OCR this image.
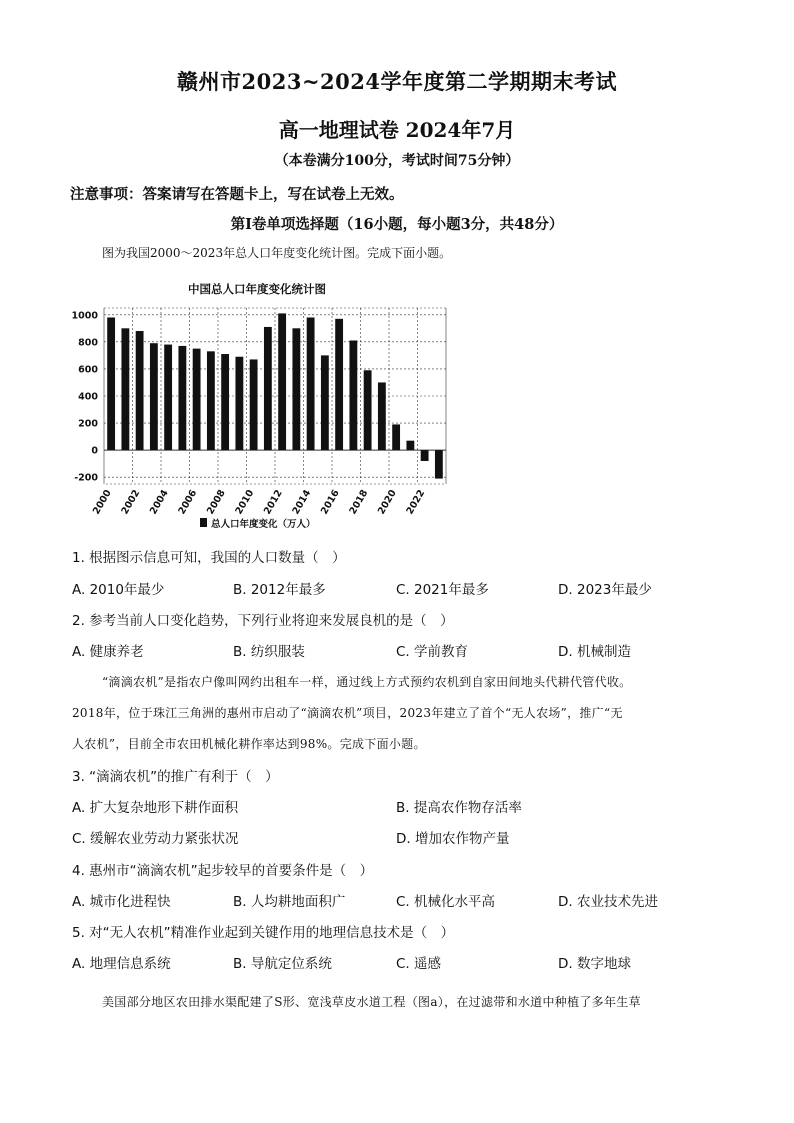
赣州市2023~2024学年度第二学期期末考试
高一地理试卷 2024年7月
（本卷满分100分，考试时间75分钟）
注意事项：答案请写在答题卡上，写在试卷上无效。
第Ⅰ卷单项选择题（16小题，每小题3分，共48分）
图为我国2000～2023年总人口年度变化统计图。完成下面小题。
中国总人口年度变化统计图
-200
0
200
400
600
800
1000
2000 2002 2004 2006 2008 2010 2012 2014 2016 2018 2020 2022
总人口年度变化（万人）
1. 根据图示信息可知，我国的人口数量（　）
A. 2010年最少	B. 2012年最多	C. 2021年最多	D. 2023年最少
2. 参考当前人口变化趋势，下列行业将迎来发展良机的是（　）
A. 健康养老	B. 纺织服装	C. 学前教育	D. 机械制造
“滴滴农机”是指农户像叫网约出租车一样，通过线上方式预约农机到自家田间地头代耕代管代收。
2018年，位于珠江三角洲的惠州市启动了“滴滴农机”项目，2023年建立了首个“无人农场”，推广“无
人农机”，目前全市农田机械化耕作率达到98%。完成下面小题。
3. “滴滴农机”的推广有利于（　）
A. 扩大复杂地形下耕作面积	B. 提高农作物存活率
C. 缓解农业劳动力紧张状况	D. 增加农作物产量
4. 惠州市“滴滴农机”起步较早的首要条件是（　）
A. 城市化进程快	B. 人均耕地面积广	C. 机械化水平高	D. 农业技术先进
5. 对“无人农机”精准作业起到关键作用的地理信息技术是（　）
A. 地理信息系统	B. 导航定位系统	C. 遥感	D. 数字地球
美国部分地区农田排水渠配建了S形、宽浅草皮水道工程（图a），在过滤带和水道中种植了多年生草
